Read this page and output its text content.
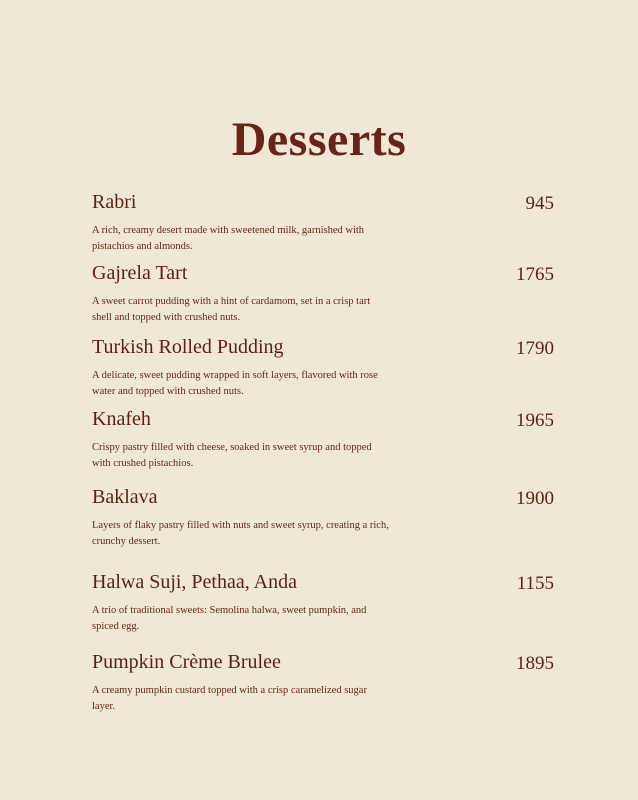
Desserts
Rabri	945
A rich, creamy desert made with sweetened milk, garnished with pistachios and almonds.
Gajrela Tart	1765
A sweet carrot pudding with a hint of cardamom, set in a crisp tart shell and topped with crushed nuts.
Turkish Rolled Pudding	1790
A delicate, sweet pudding wrapped in soft layers, flavored with rose water and topped with crushed nuts.
Knafeh	1965
Crispy pastry filled with cheese, soaked in sweet syrup and topped with crushed pistachios.
Baklava	1900
Layers of flaky pastry filled with nuts and sweet syrup, creating a rich, crunchy dessert.
Halwa Suji, Pethaa, Anda	1155
A trio of traditional sweets: Semolina halwa, sweet pumpkin, and spiced egg.
Pumpkin Crème Brulee	1895
A creamy pumpkin custard topped with a crisp caramelized sugar layer.
